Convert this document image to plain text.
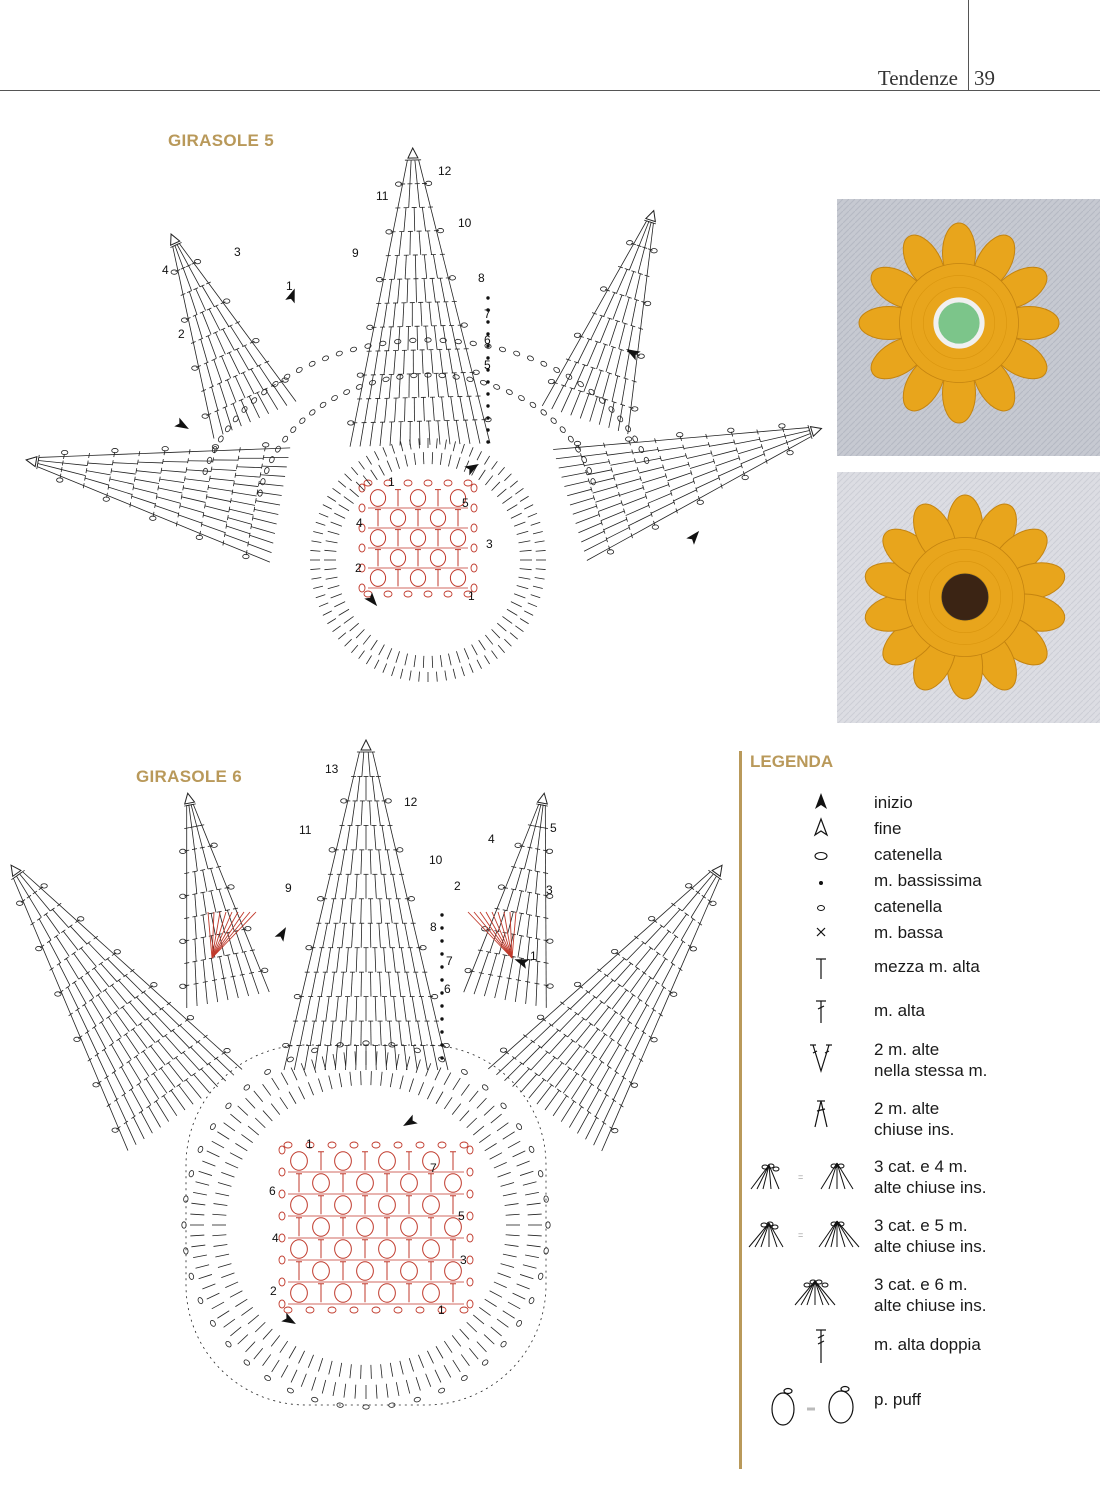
Tendenze 39
GIRASOLE 5
GIRASOLE 6
1
2
3
4
5
6
7
8
9
10
11
12
1
2
3
4
5
1
1
2	3
4
5
6
7
8
9
10
11
12
13
1
2
3
4
5
6
7
1
LEGENDA
=
=
inizio
fine
catenella
m. bassissima
catenella
m. bassa
mezza m. alta
m. alta
2 m. alte
nella stessa m.
2 m. alte
chiuse ins.
3 cat. e 4 m.
alte chiuse ins.
3 cat. e 5 m.
alte chiuse ins.
3 cat. e 6 m.
alte chiuse ins.
m. alta doppia
p. puff
